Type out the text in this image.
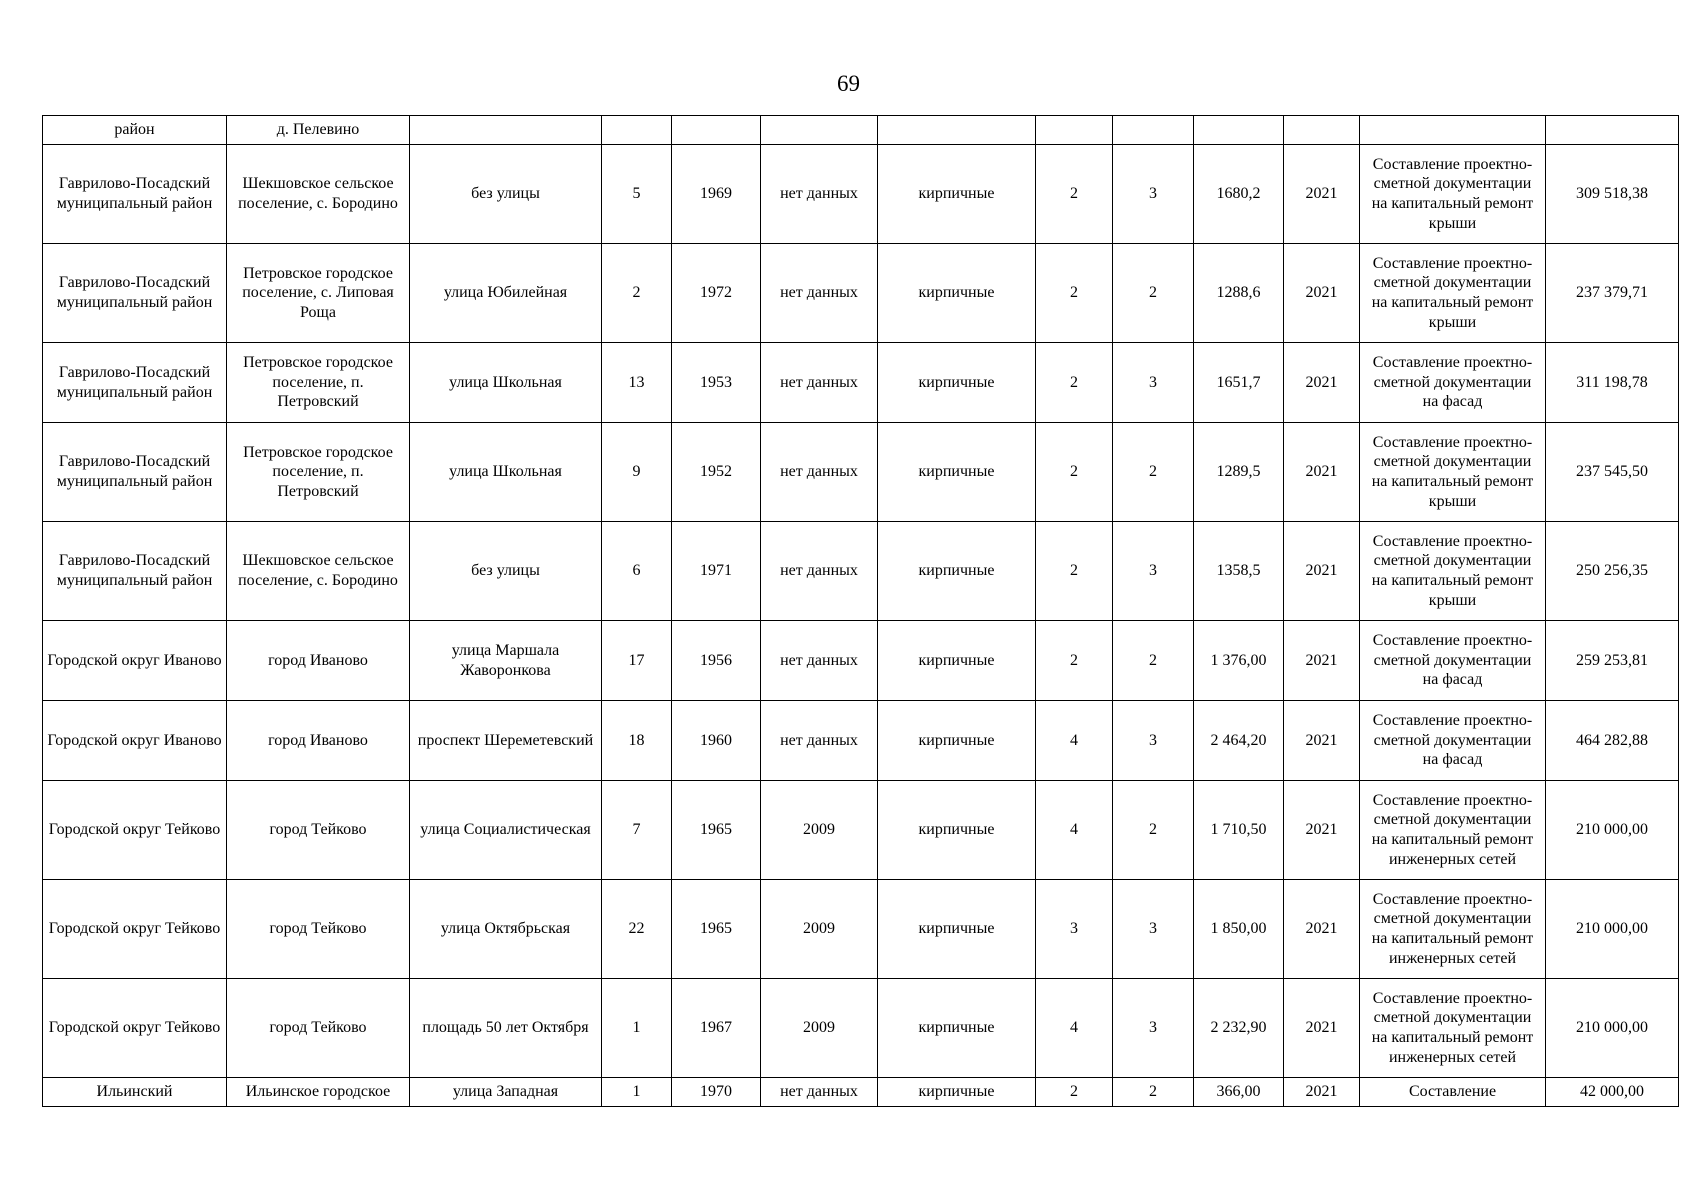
69
район	д. Пелевино											
Гаврилово-Посадский муниципальный район	Шекшовское сельское поселение, с. Бородино	без улицы	5	1969	нет данных	кирпичные	2	3	1680,2	2021	Составление проектно-сметной документации на капитальный ремонт крыши	309 518,38
Гаврилово-Посадский муниципальный район	Петровское городское поселение, с. Липовая Роща	улица Юбилейная	2	1972	нет данных	кирпичные	2	2	1288,6	2021	Составление проектно-сметной документации на капитальный ремонт крыши	237 379,71
Гаврилово-Посадский муниципальный район	Петровское городское поселение, п. Петровский	улица Школьная	13	1953	нет данных	кирпичные	2	3	1651,7	2021	Составление проектно-сметной документации на фасад	311 198,78
Гаврилово-Посадский муниципальный район	Петровское городское поселение, п. Петровский	улица Школьная	9	1952	нет данных	кирпичные	2	2	1289,5	2021	Составление проектно-сметной документации на капитальный ремонт крыши	237 545,50
Гаврилово-Посадский муниципальный район	Шекшовское сельское поселение, с. Бородино	без улицы	6	1971	нет данных	кирпичные	2	3	1358,5	2021	Составление проектно-сметной документации на капитальный ремонт крыши	250 256,35
Городской округ Иваново	город Иваново	улица Маршала Жаворонкова	17	1956	нет данных	кирпичные	2	2	1 376,00	2021	Составление проектно-сметной документации на фасад	259 253,81
Городской округ Иваново	город Иваново	проспект Шереметевский	18	1960	нет данных	кирпичные	4	3	2 464,20	2021	Составление проектно-сметной документации на фасад	464 282,88
Городской округ Тейково	город Тейково	улица Социалистическая	7	1965	2009	кирпичные	4	2	1 710,50	2021	Составление проектно-сметной документации на капитальный ремонт инженерных сетей	210 000,00
Городской округ Тейково	город Тейково	улица Октябрьская	22	1965	2009	кирпичные	3	3	1 850,00	2021	Составление проектно-сметной документации на капитальный ремонт инженерных сетей	210 000,00
Городской округ Тейково	город Тейково	площадь 50 лет Октября	1	1967	2009	кирпичные	4	3	2 232,90	2021	Составление проектно-сметной документации на капитальный ремонт инженерных сетей	210 000,00
Ильинский	Ильинское городское	улица Западная	1	1970	нет данных	кирпичные	2	2	366,00	2021	Составление	42 000,00
